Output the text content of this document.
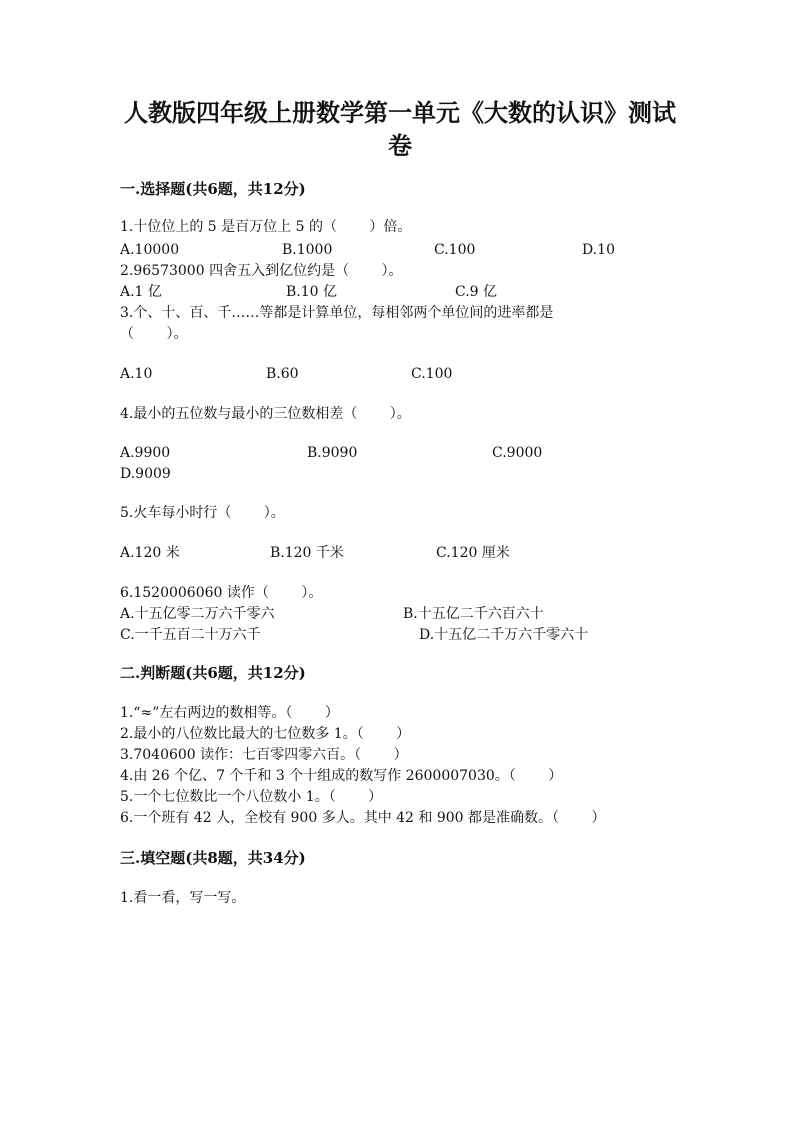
人教版四年级上册数学第一单元《大数的认识》测试卷
一.选择题(共6题，共12分)
1.十位位上的 5 是百万位上 5 的（　　 ）倍。
A.10000	B.1000	C.100	D.10
2.96573000 四舍五入到亿位约是（　　 ）。
A.1 亿	B.10 亿	C.9 亿
3.个、十、百、千……等都是计算单位，每相邻两个单位间的进率都是
（　　 ）。
A.10	B.60	C.100
4.最小的五位数与最小的三位数相差（　　 ）。
A.9900	B.9090	C.9000
D.9009
5.火车每小时行（　　 ）。
A.120 米	B.120 千米	C.120 厘米
6.1520006060 读作（　　 ）。
A.十五亿零二万六千零六	B.十五亿二千六百六十
C.一千五百二十万六千	D.十五亿二千万六千零六十
二.判断题(共6题，共12分)
1.“≈”左右两边的数相等。（　　 ）
2.最小的八位数比最大的七位数多 1。（　　 ）
3.7040600 读作：七百零四零六百。（　　 ）
4.由 26 个亿、7 个千和 3 个十组成的数写作 2600007030。（　　 ）
5.一个七位数比一个八位数小 1。（　　 ）
6.一个班有 42 人，全校有 900 多人。其中 42 和 900 都是准确数。（　　 ）
三.填空题(共8题，共34分)
1.看一看，写一写。
